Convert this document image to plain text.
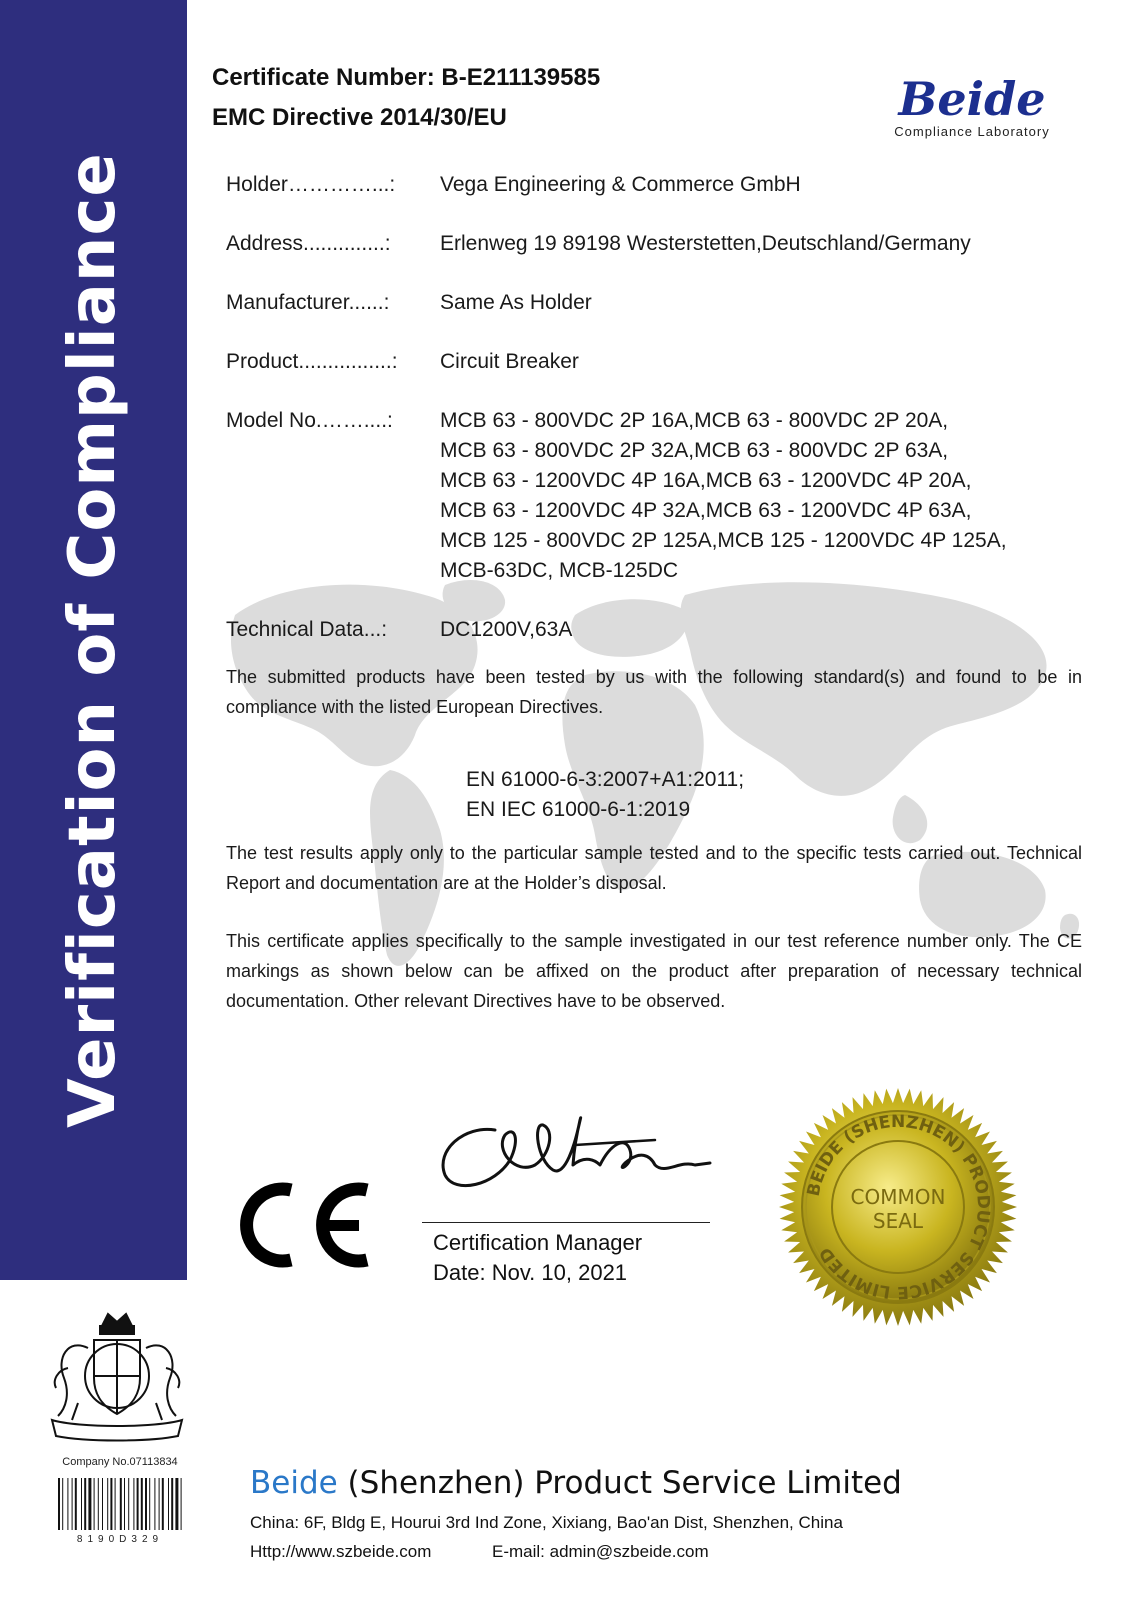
Verification of Compliance
Certificate Number: B-E211139585
EMC Directive 2014/30/EU	Beide
Compliance Laboratory
Holder…………...:	Vega Engineering & Commerce GmbH
Address..............:	Erlenweg 19 89198 Westerstetten,Deutschland/Germany
Manufacturer......:	Same As Holder
Product................:	Circuit Breaker
Model No.……....:	MCB 63 - 800VDC 2P 16A,MCB 63 - 800VDC 2P 20A,
MCB 63 - 800VDC 2P 32A,MCB 63 - 800VDC 2P 63A,
MCB 63 - 1200VDC 4P 16A,MCB 63 - 1200VDC 4P 20A,
MCB 63 - 1200VDC 4P 32A,MCB 63 - 1200VDC 4P 63A,
MCB 125 - 800VDC 2P 125A,MCB 125 - 1200VDC 4P 125A,
MCB-63DC, MCB-125DC
Technical Data...:	DC1200V,63A
The submitted products have been tested by us with the following standard(s) and found to be in compliance with the listed European Directives.
EN 61000-6-3:2007+A1:2011;
EN IEC 61000-6-1:2019
The test results apply only to the particular sample tested and to the specific tests carried out. Technical Report and documentation are at the Holder’s disposal.
This certificate applies specifically to the sample investigated in our test reference number only. The CE markings as shown below can be affixed on the product after preparation of necessary technical documentation. Other relevant Directives have to be observed.
Certification Manager
Date: Nov. 10, 2021
BEIDE (SHENZHEN) PRODUCT SERVICE LIMITED
COMMON
SEAL
Company No.07113834
8190D329
Beide (Shenzhen) Product Service Limited
China: 6F, Bldg E, Hourui 3rd Ind Zone, Xixiang, Bao'an Dist, Shenzhen, China
Http://www.szbeide.com	E-mail: admin@szbeide.com
